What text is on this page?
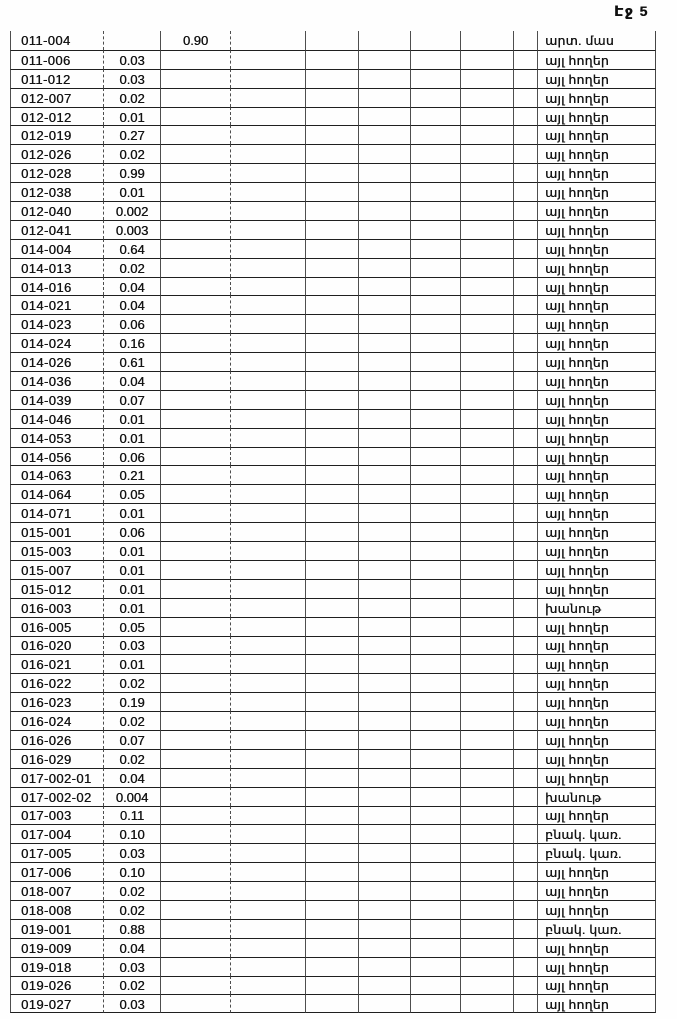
Էջ 5
011-004		0.90							արտ. մաս
011-006	0.03								այլ հողեր
011-012	0.03								այլ հողեր
012-007	0.02								այլ հողեր
012-012	0.01								այլ հողեր
012-019	0.27								այլ հողեր
012-026	0.02								այլ հողեր
012-028	0.99								այլ հողեր
012-038	0.01								այլ հողեր
012-040	0.002								այլ հողեր
012-041	0.003								այլ հողեր
014-004	0.64								այլ հողեր
014-013	0.02								այլ հողեր
014-016	0.04								այլ հողեր
014-021	0.04								այլ հողեր
014-023	0.06								այլ հողեր
014-024	0.16								այլ հողեր
014-026	0.61								այլ հողեր
014-036	0.04								այլ հողեր
014-039	0.07								այլ հողեր
014-046	0.01								այլ հողեր
014-053	0.01								այլ հողեր
014-056	0.06								այլ հողեր
014-063	0.21								այլ հողեր
014-064	0.05								այլ հողեր
014-071	0.01								այլ հողեր
015-001	0.06								այլ հողեր
015-003	0.01								այլ հողեր
015-007	0.01								այլ հողեր
015-012	0.01								այլ հողեր
016-003	0.01								խանութ
016-005	0.05								այլ հողեր
016-020	0.03								այլ հողեր
016-021	0.01								այլ հողեր
016-022	0.02								այլ հողեր
016-023	0.19								այլ հողեր
016-024	0.02								այլ հողեր
016-026	0.07								այլ հողեր
016-029	0.02								այլ հողեր
017-002-01	0.04								այլ հողեր
017-002-02	0.004								խանութ
017-003	0.11								այլ հողեր
017-004	0.10								բնակ. կառ.
017-005	0.03								բնակ. կառ.
017-006	0.10								այլ հողեր
018-007	0.02								այլ հողեր
018-008	0.02								այլ հողեր
019-001	0.88								բնակ. կառ.
019-009	0.04								այլ հողեր
019-018	0.03								այլ հողեր
019-026	0.02								այլ հողեր
019-027	0.03								այլ հողեր
